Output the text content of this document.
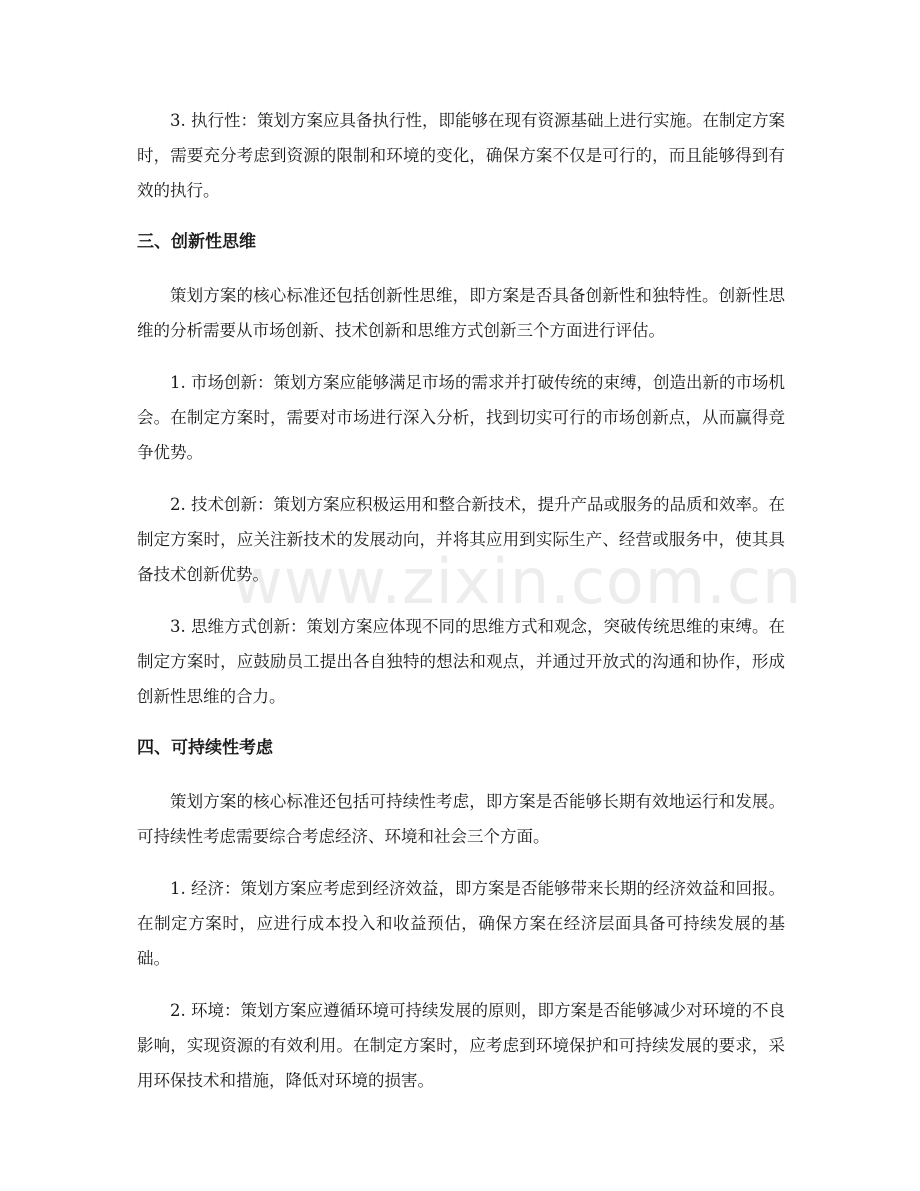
3. 执行性：策划方案应具备执行性，即能够在现有资源基础上进行实施。在制定方案时，需要充分考虑到资源的限制和环境的变化，确保方案不仅是可行的，而且能够得到有效的执行。

三、创新性思维

策划方案的核心标准还包括创新性思维，即方案是否具备创新性和独特性。创新性思维的分析需要从市场创新、技术创新和思维方式创新三个方面进行评估。

1. 市场创新：策划方案应能够满足市场的需求并打破传统的束缚，创造出新的市场机会。在制定方案时，需要对市场进行深入分析，找到切实可行的市场创新点，从而赢得竞争优势。

2. 技术创新：策划方案应积极运用和整合新技术，提升产品或服务的品质和效率。在制定方案时，应关注新技术的发展动向，并将其应用到实际生产、经营或服务中，使其具备技术创新优势。

3. 思维方式创新：策划方案应体现不同的思维方式和观念，突破传统思维的束缚。在制定方案时，应鼓励员工提出各自独特的想法和观点，并通过开放式的沟通和协作，形成创新性思维的合力。

四、可持续性考虑

策划方案的核心标准还包括可持续性考虑，即方案是否能够长期有效地运行和发展。可持续性考虑需要综合考虑经济、环境和社会三个方面。

1. 经济：策划方案应考虑到经济效益，即方案是否能够带来长期的经济效益和回报。在制定方案时，应进行成本投入和收益预估，确保方案在经济层面具备可持续发展的基础。

2. 环境：策划方案应遵循环境可持续发展的原则，即方案是否能够减少对环境的不良影响，实现资源的有效利用。在制定方案时，应考虑到环境保护和可持续发展的要求，采用环保技术和措施，降低对环境的损害。

www.zixin.com.cn
